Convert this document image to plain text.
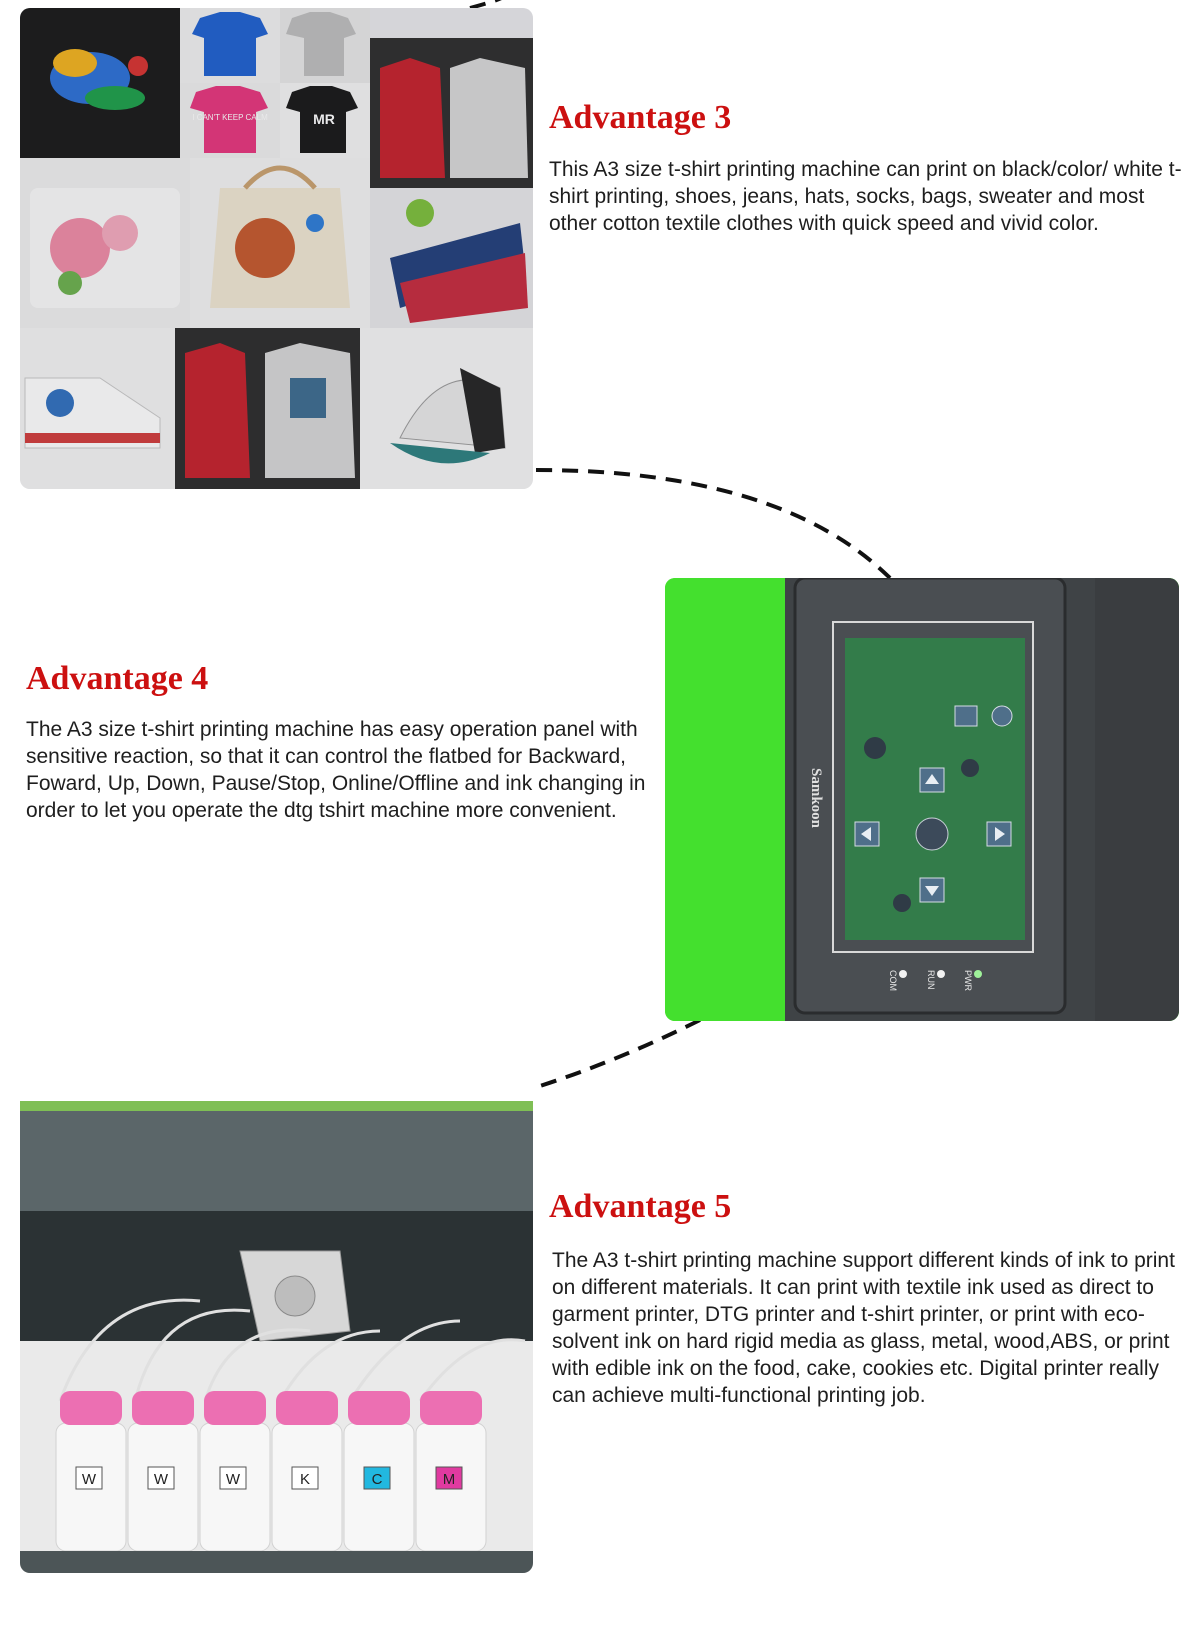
I CAN'T KEEP CALM	MR	Advantage 3

This A3 size t-shirt printing machine can print on black/color/ white t-shirt printing, shoes, jeans, hats, socks, bags, sweater and most other cotton textile clothes with quick speed and vivid color.

Advantage 4

The A3 size t-shirt printing machine has easy operation panel with sensitive reaction, so that it can control the flatbed for Backward, Foward, Up, Down, Pause/Stop, Online/Offline and ink changing in order to let you operate the dtg tshirt machine more convenient.	Samkoon
COM	RUN	PWR
Advantage 5

The A3 t-shirt printing machine support different kinds of ink to print on different materials. It can print with textile ink used as direct to garment printer, DTG printer and t-shirt printer, or print with eco-solvent ink on hard rigid media as glass, metal, wood,ABS, or print with edible ink on the food, cake, cookies etc. Digital printer really can achieve multi-functional printing job.

W	W	W	K	C	M
